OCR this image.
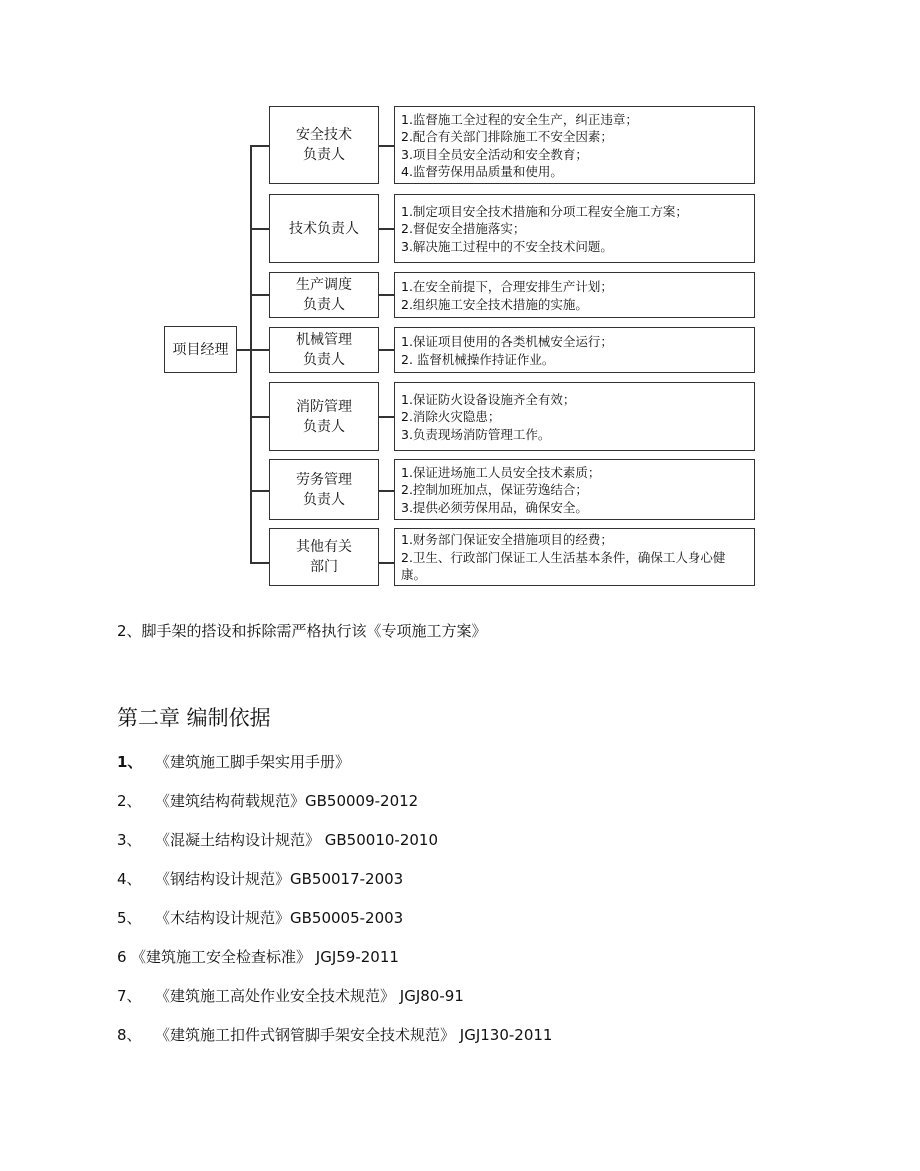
项目经理
安全技术
负责人
1.监督施工全过程的安全生产，纠正违章；
2.配合有关部门排除施工不安全因素；
3.项目全员安全活动和安全教育；
4.监督劳保用品质量和使用。
技术负责人
1.制定项目安全技术措施和分项工程安全施工方案；
2.督促安全措施落实；
3.解决施工过程中的不安全技术问题。
生产调度
负责人
1.在安全前提下，合理安排生产计划；
2.组织施工安全技术措施的实施。
机械管理
负责人
1.保证项目使用的各类机械安全运行；
2. 监督机械操作持证作业。
消防管理
负责人
1.保证防火设备设施齐全有效；
2.消除火灾隐患；
3.负责现场消防管理工作。
劳务管理
负责人
1.保证进场施工人员安全技术素质；
2.控制加班加点，保证劳逸结合；
3.提供必须劳保用品，确保安全。
其他有关
部门
1.财务部门保证安全措施项目的经费；
2.卫生、行政部门保证工人生活基本条件，确保工人身心健康。
2、脚手架的搭设和拆除需严格执行该《专项施工方案》
第二章 编制依据
1、 《建筑施工脚手架实用手册》
2、 《建筑结构荷载规范》GB50009-2012
3、 《混凝土结构设计规范》 GB50010-2010
4、 《钢结构设计规范》GB50017-2003
5、 《木结构设计规范》GB50005-2003
6 《建筑施工安全检查标准》 JGJ59-2011
7、 《建筑施工高处作业安全技术规范》 JGJ80-91
8、 《建筑施工扣件式钢管脚手架安全技术规范》 JGJ130-2011
